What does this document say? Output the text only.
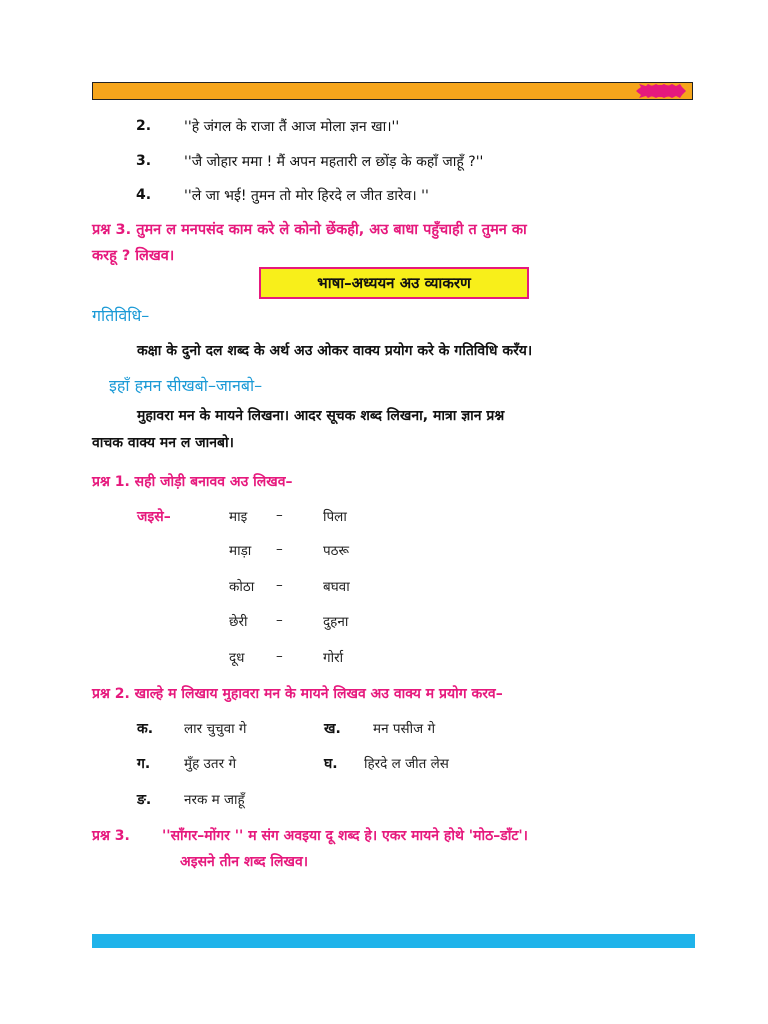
2. ''हे जंगल के राजा तैं आज मोला ज्ञन खा।''
3. ''जै जोहार ममा ! मैं अपन महतारी ल छोंड़ के कहाँ जाहूँ ?''
4. ''ले जा भई! तुमन तो मोर हिरदे ल जीत डारेव। ''
प्रश्न 3. तुमन ल मनपसंद काम करे ले कोनो छेंकही, अउ बाधा पहुँचाही त तुमन का
करहू ? लिखव।
भाषा–अध्ययन अउ व्याकरण
गतिविधि–
कक्षा के दुनो दल शब्द के अर्थ अउ ओकर वाक्य प्रयोग करे के गतिविधि करँय।
इहाँ हमन सीखबो–जानबो–
मुहावरा मन के मायने लिखना। आदर सूचक शब्द लिखना, मात्रा ज्ञान प्रश्न
वाचक वाक्य मन ल जानबो।
प्रश्न 1. सही जोड़ी बनावव अउ लिखव–
जइसे–	माइ –	पिला
माड़ा –	पठरू
कोठा –	बघवा
छेरी –	दुहना
दूध –	गोर्रा
प्रश्न 2. खाल्हे म लिखाय मुहावरा मन के मायने लिखव अउ वाक्य म प्रयोग करव–
क. लार चुचुवा गे	ख. मन पसीज गे
ग.	मुँह उतर गे	घ. हिरदे ल जीत लेस
ङ. नरक म जाहूँ
प्रश्न 3. ''साँगर–मोंगर '' म संग अवइया दू शब्द हे। एकर मायने होथे 'मोठ–डाँट'।
अइसने तीन शब्द लिखव।
